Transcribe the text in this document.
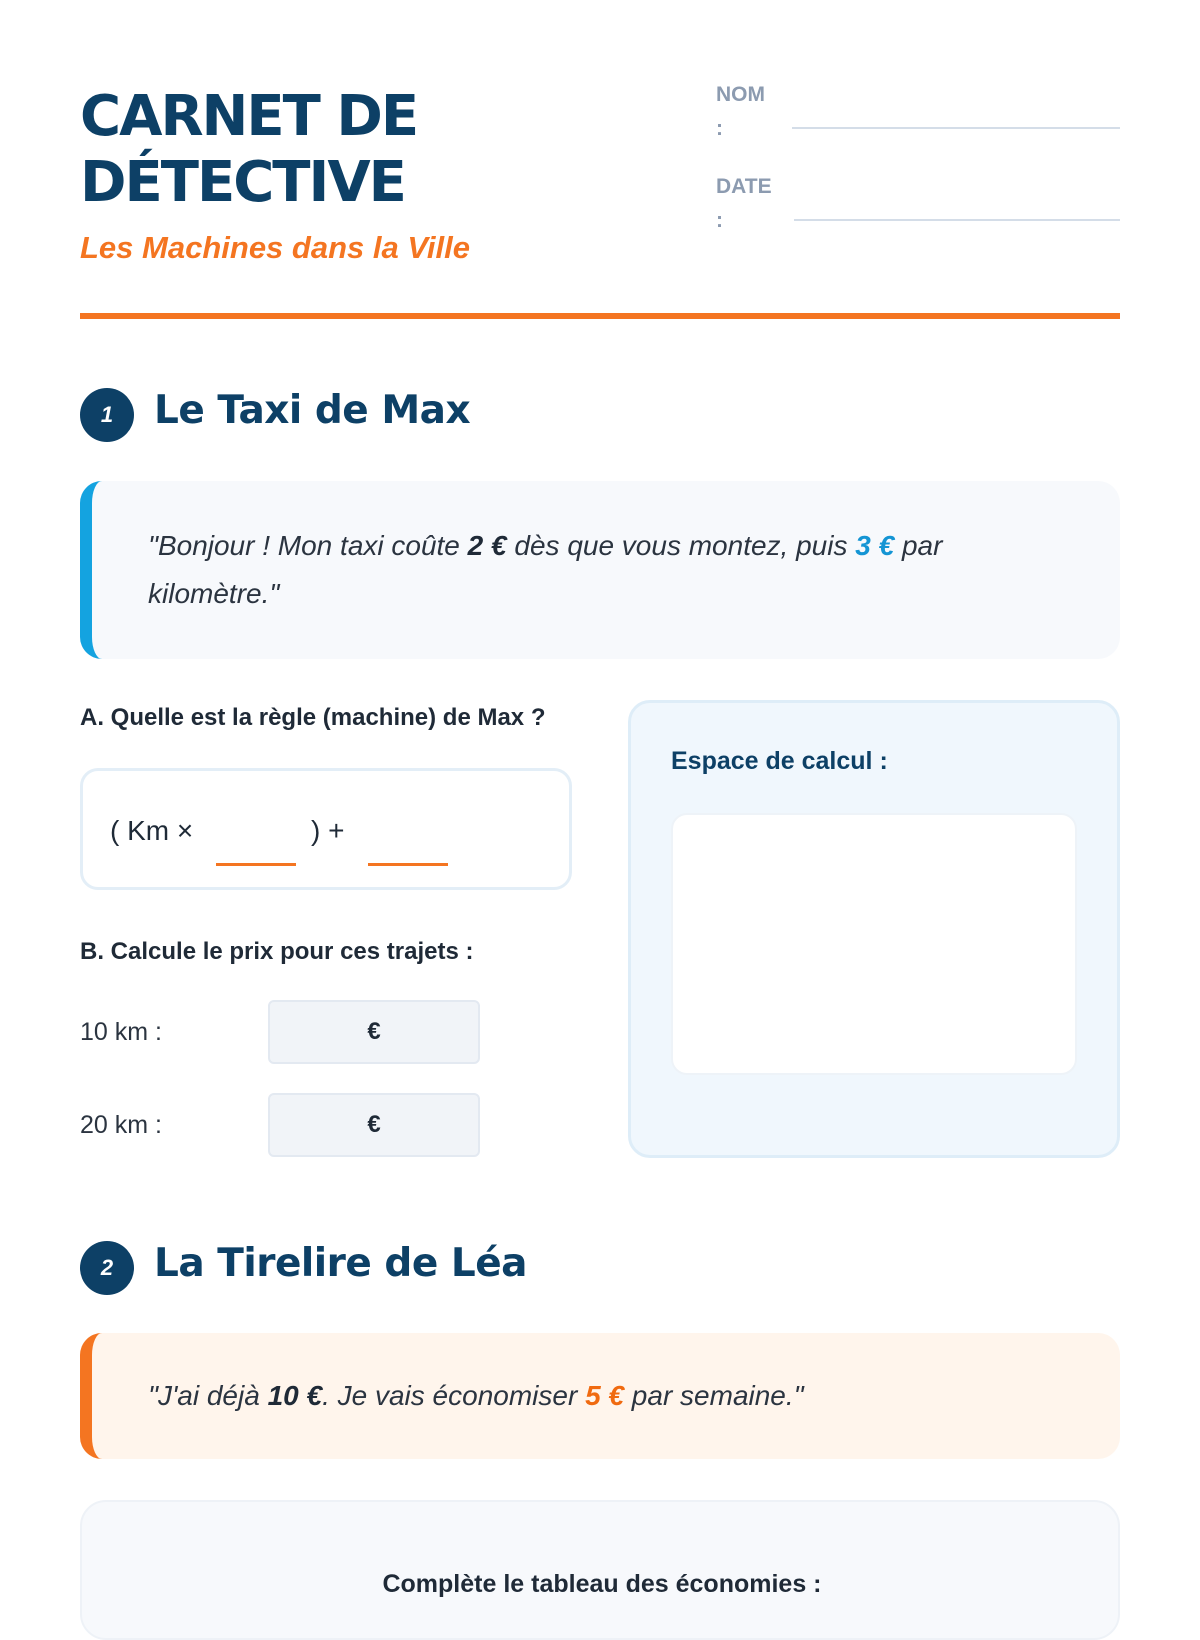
CARNET DE
DÉTECTIVE
Les Machines dans la Ville
NOM
:
DATE
:
1	Le Taxi de Max
"Bonjour ! Mon taxi coûte 2 € dès que vous montez, puis 3 € par kilomètre."
A. Quelle est la règle (machine) de Max ?
( Km ×	) +
B. Calcule le prix pour ces trajets :
10 km :	€
20 km :	€
Espace de calcul :
2	La Tirelire de Léa
"J'ai déjà 10 €. Je vais économiser 5 € par semaine."
Complète le tableau des économies :
